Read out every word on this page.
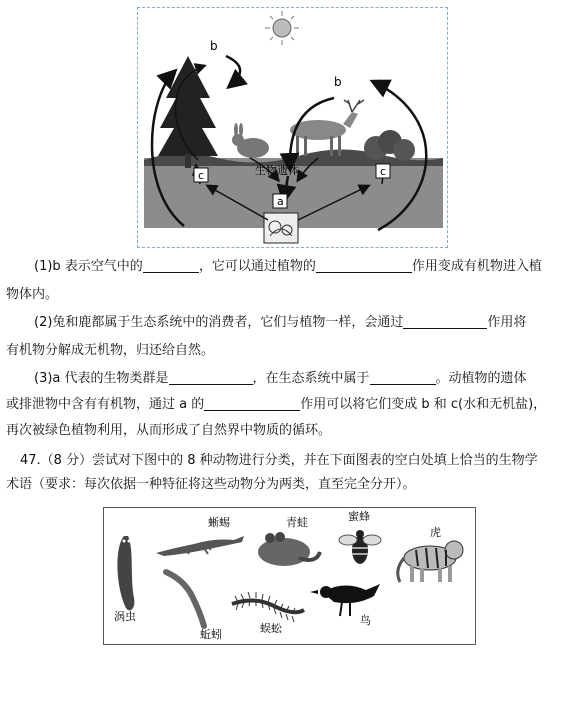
b
b
生物遗体
a
c	c
(1)b 表示空气中的	，它可以通过植物的	作用变成有机物进入植
物体内。
(2)兔和鹿都属于生态系统中的消费者，它们与植物一样，会通过	作用将
有机物分解成无机物，归还给自然。
(3)a 代表的生物类群是	，在生态系统中属于	。动植物的遗体
或排泄物中含有有机物，通过 a 的	作用可以将它们变成 b 和 c(水和无机盐)，
再次被绿色植物利用，从而形成了自然界中物质的循环。
47.（8 分）尝试对下图中的 8 种动物进行分类，并在下面图表的空白处填上恰当的生物学
术语（要求：每次依据一种特征将这些动物分为两类，直至完全分开）。
涡虫
蜥蜴	青蛙	蜜蜂
虎
蚯蚓	蜈蚣
鸟
